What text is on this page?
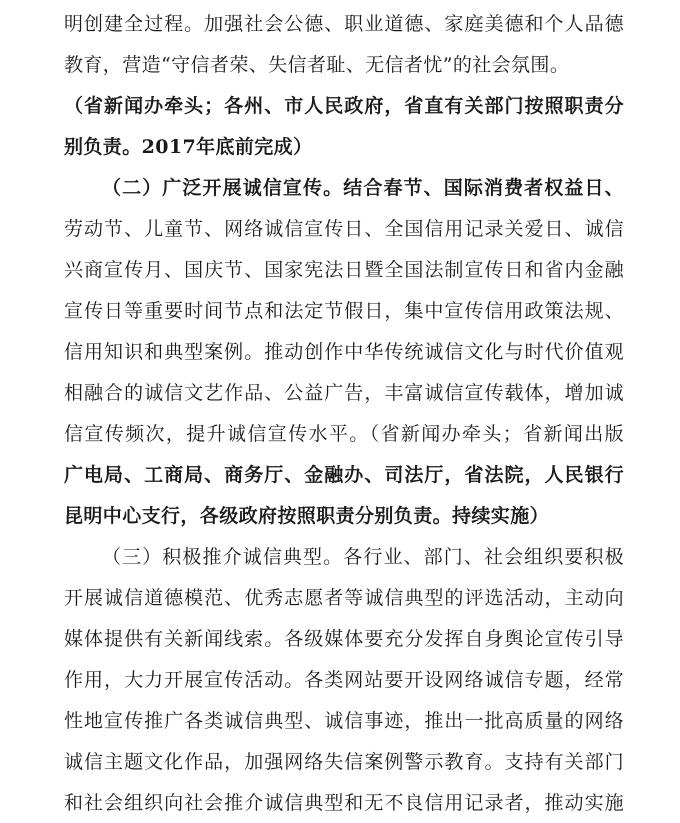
明创建全过程。加强社会公德、职业道德、家庭美德和个人品德
教育，营造“守信者荣、失信者耻、无信者忧”的社会氛围。
（省新闻办牵头；各州、市人民政府，省直有关部门按照职责分
别负责。2017年底前完成）
（二）广泛开展诚信宣传。结合春节、国际消费者权益日、
劳动节、儿童节、网络诚信宣传日、全国信用记录关爱日、诚信
兴商宣传月、国庆节、国家宪法日暨全国法制宣传日和省内金融
宣传日等重要时间节点和法定节假日，集中宣传信用政策法规、
信用知识和典型案例。推动创作中华传统诚信文化与时代价值观
相融合的诚信文艺作品、公益广告，丰富诚信宣传载体，增加诚
信宣传频次，提升诚信宣传水平。（省新闻办牵头；省新闻出版
广电局、工商局、商务厅、金融办、司法厅，省法院，人民银行
昆明中心支行，各级政府按照职责分别负责。持续实施）
（三）积极推介诚信典型。各行业、部门、社会组织要积极
开展诚信道德模范、优秀志愿者等诚信典型的评选活动，主动向
媒体提供有关新闻线索。各级媒体要充分发挥自身舆论宣传引导
作用，大力开展宣传活动。各类网站要开设网络诚信专题，经常
性地宣传推广各类诚信典型、诚信事迹，推出一批高质量的网络
诚信主题文化作品，加强网络失信案例警示教育。支持有关部门
和社会组织向社会推介诚信典型和无不良信用记录者，推动实施
